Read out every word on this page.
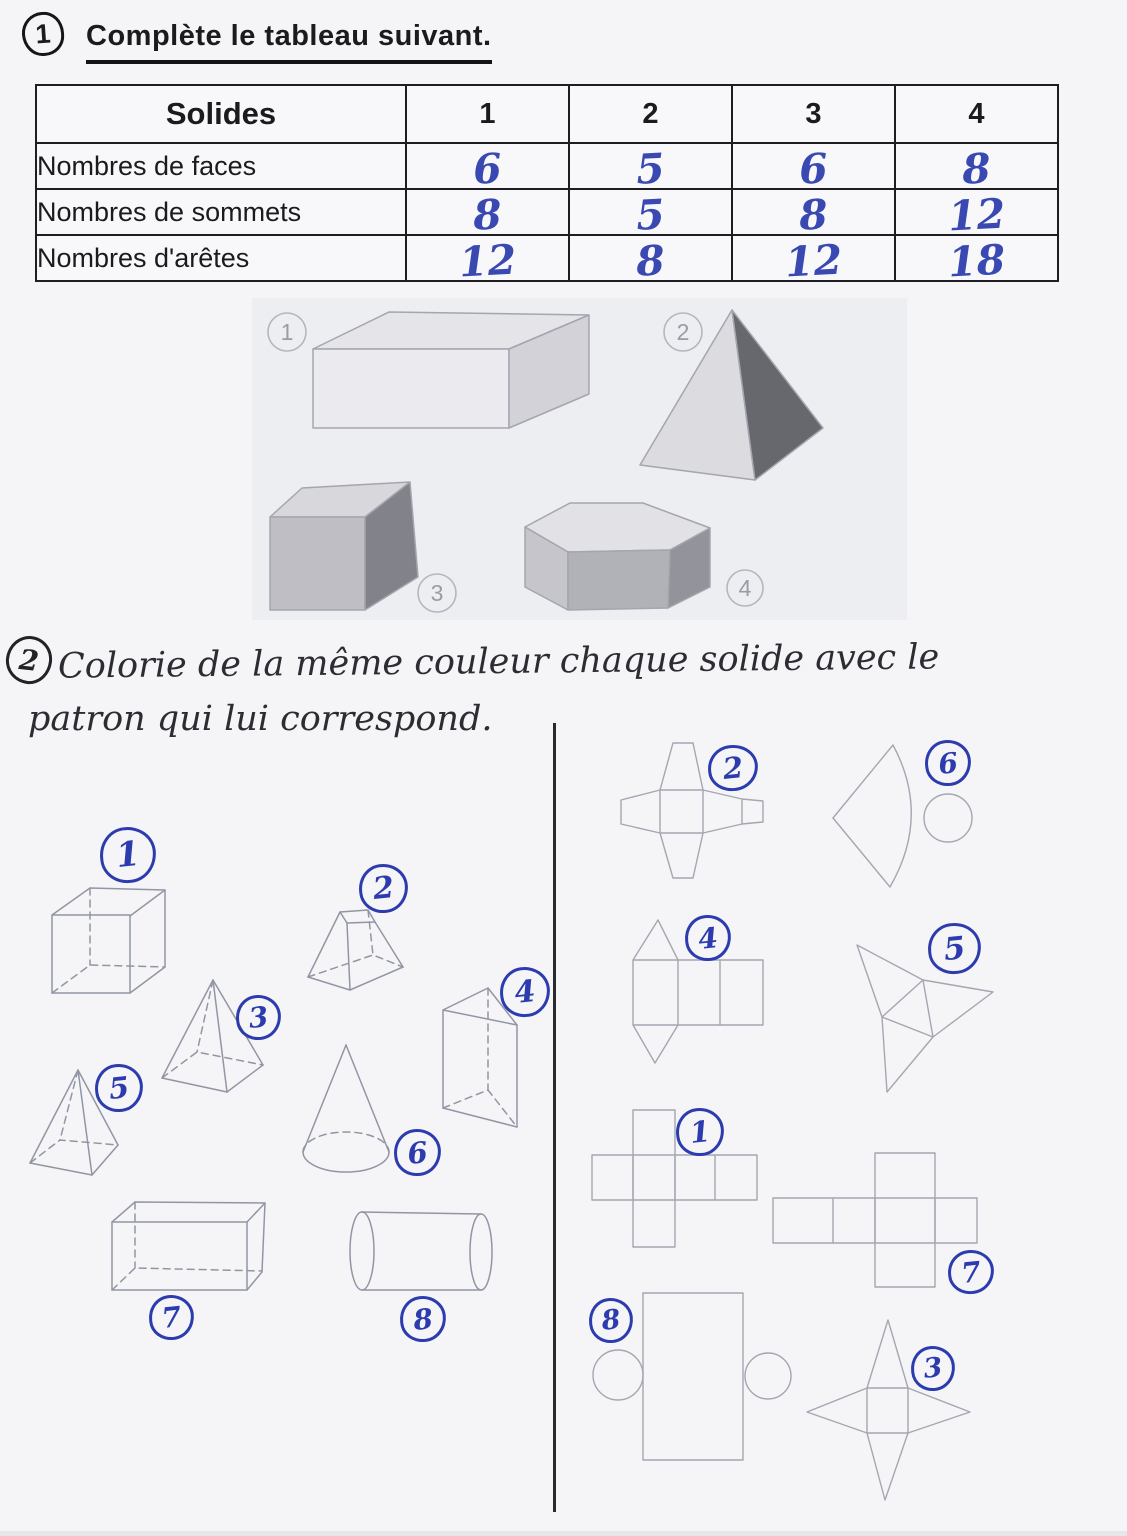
1	Complète le tableau suivant.
Solides	1	2	3	4
Nombres de faces	6	5	6	8
Nombres de sommets	8	5	8	12
Nombres d'arêtes	12	8	12	18
1	2
3	4
2 Colorie de la même couleur chaque solide avec le
patron qui lui correspond.
1
2
3
4
5
6
7	8
2	6
4	5
1
7
8
3
